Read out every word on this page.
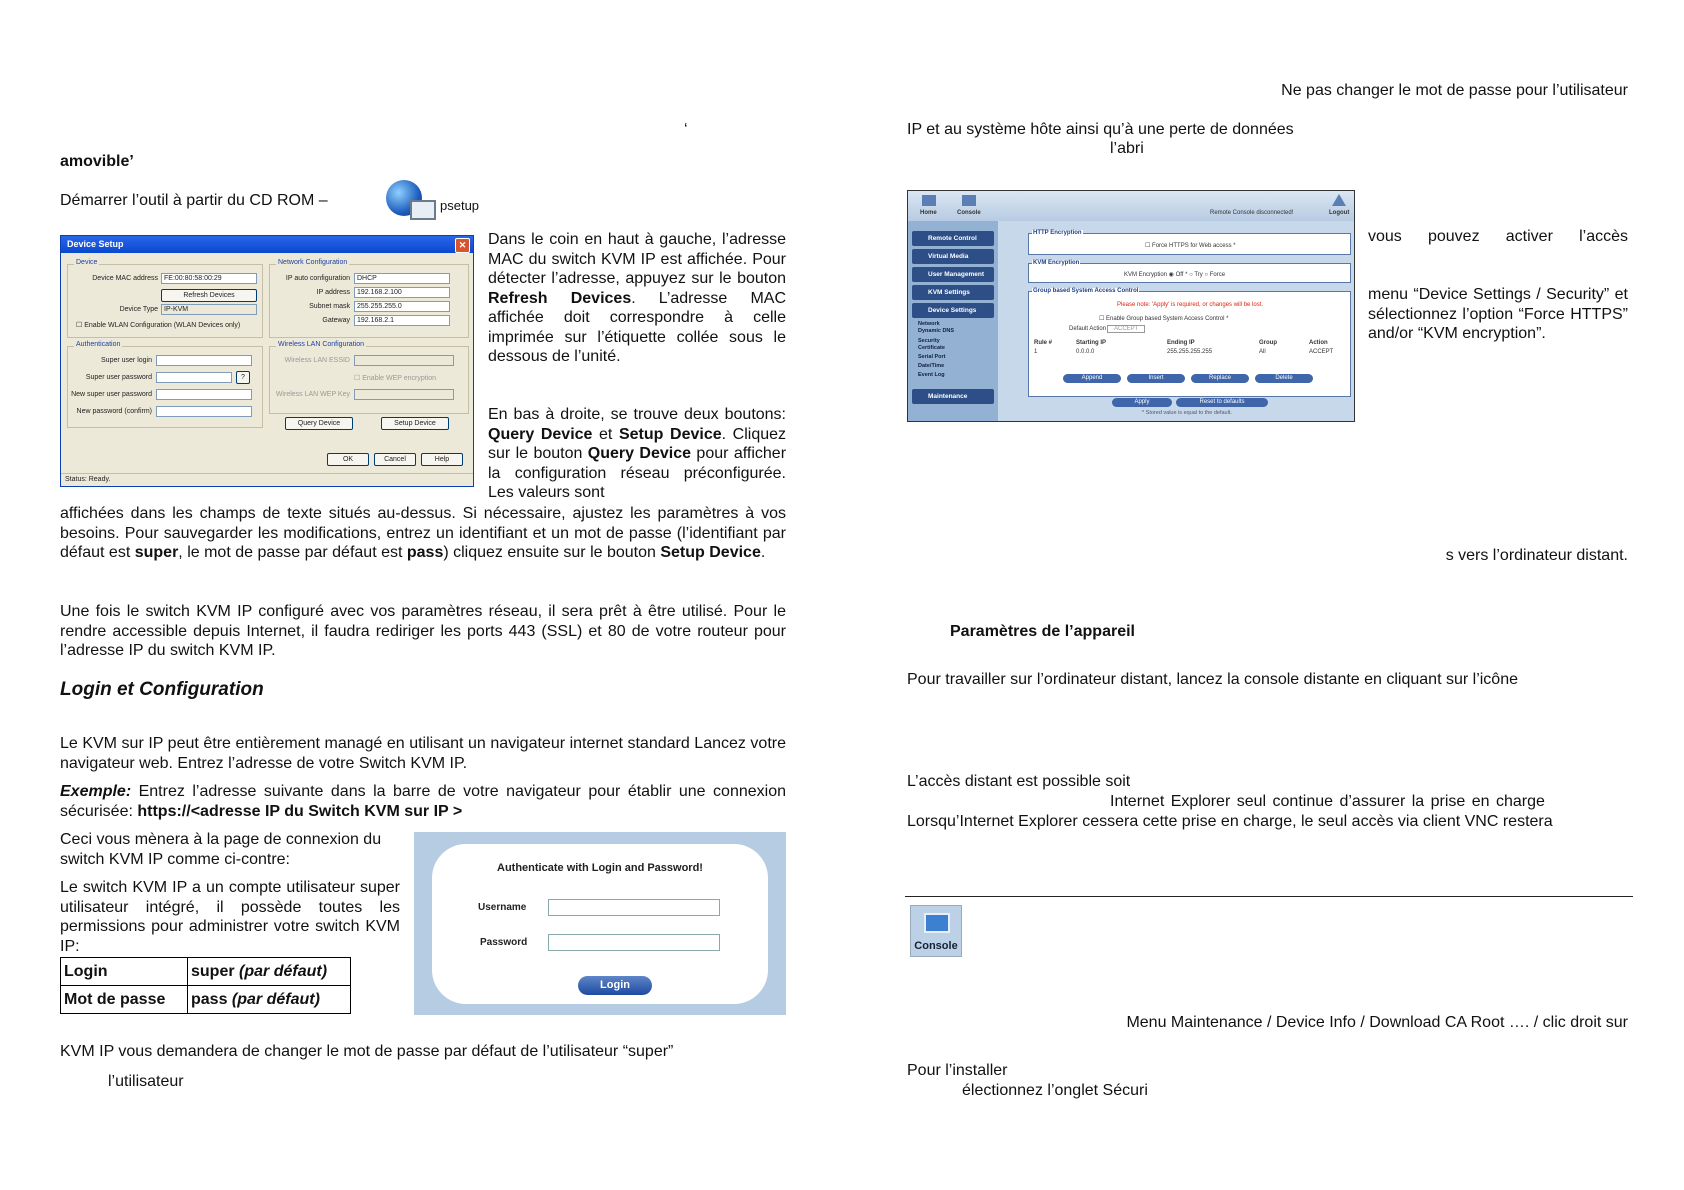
‘

amovible’

Démarrer l’outil à partir du CD ROM –	psetup
Device Setup	✕
Device
Device MAC address FE:00:80:58:00:29
Refresh Devices
Device Type IP-KVM
☐ Enable WLAN Configuration (WLAN Devices only)
Network Configuration
IP auto configuration	DHCP
IP address	192.168.2.100
Subnet mask	255.255.255.0
Gateway	192.168.2.1
Authentication
Super user login
Super user password	?
New super user password
New password (confirm)
Wireless LAN Configuration
Wireless LAN ESSID
☐ Enable WEP encryption
Wireless LAN WEP Key
Query Device	Setup Device
OK	Cancel	Help
Status: Ready.

Dans le coin en haut à gauche, l’adresse MAC du switch KVM IP est affichée. Pour détecter l’adresse, appuyez sur le bouton Refresh Devices. L’adresse MAC affichée doit correspondre à celle imprimée sur l’étiquette collée sous le dessous de l’unité.

En bas à droite, se trouve deux boutons: Query Device et Setup Device. Cliquez sur le bouton Query Device pour afficher la configuration réseau préconfigurée. Les valeurs sont

affichées dans les champs de texte situés au-dessus. Si nécessaire, ajustez les paramètres à vos besoins. Pour sauvegarder les modifications, entrez un identifiant et un mot de passe (l’identifiant par défaut est super, le mot de passe par défaut est pass) cliquez ensuite sur le bouton Setup Device.

Une fois le switch KVM IP configuré avec vos paramètres réseau, il sera prêt à être utilisé. Pour le rendre accessible depuis Internet, il faudra rediriger les ports 443 (SSL) et 80 de votre routeur pour l’adresse IP du switch KVM IP.

Login et Configuration

Le KVM sur IP peut être entièrement managé en utilisant un navigateur internet standard Lancez votre navigateur web. Entrez l’adresse de votre Switch KVM IP.

Exemple: Entrez l’adresse suivante dans la barre de votre navigateur pour établir une connexion sécurisée: https://<adresse IP du Switch KVM sur IP >

Ceci vous mènera à la page de connexion du switch KVM IP comme ci-contre:

Le switch KVM IP a un compte utilisateur super utilisateur intégré, il possède toutes les permissions pour administrer votre switch KVM IP:

Login	super (par défaut)
Mot de passe	pass (par défaut)
Authenticate with Login and Password!
Username
Password
Login

KVM IP vous demandera de changer le mot de passe par défaut de l’utilisateur “super”

l’utilisateur

Ne pas changer le mot de passe pour l’utilisateur

IP et au système hôte ainsi qu’à une perte de données

l’abri

Home	Console	Remote Console disconnected!	Logout
Remote Control
Virtual Media
User Management
KVM Settings
Device Settings
Network
Dynamic DNS
Security
Certificate
Serial Port
Date/Time
Event Log
Maintenance
HTTP Encryption
☐ Force HTTPS for Web access *
KVM Encryption
KVM Encryption ◉ Off * ○ Try ○ Force
Group based System Access Control
Please note: 'Apply' is required, or changes will be lost.
☐ Enable Group based System Access Control *
Default Action	ACCEPT
Rule #	Starting IP	Ending IP	Group	Action
1	0.0.0.0	255.255.255.255	All	ACCEPT
Append	Insert	Replace	Delete
Apply	Reset to defaults
* Stored value is equal to the default.

vous pouvez activer l’accès

menu “Device Settings / Security” et sélectionnez l’option “Force HTTPS” and/or “KVM encryption”.

s vers l’ordinateur distant.

Paramètres de l’appareil

Pour travailler sur l’ordinateur distant, lancez la console distante en cliquant sur l’icône

L’accès distant est possible soit

Internet Explorer seul continue d’assurer la prise en charge

Lorsqu’Internet Explorer cessera cette prise en charge, le seul accès via client VNC restera

Console

Menu Maintenance / Device Info / Download CA Root …. / clic droit sur

Pour l’installer

électionnez l’onglet Sécuri
